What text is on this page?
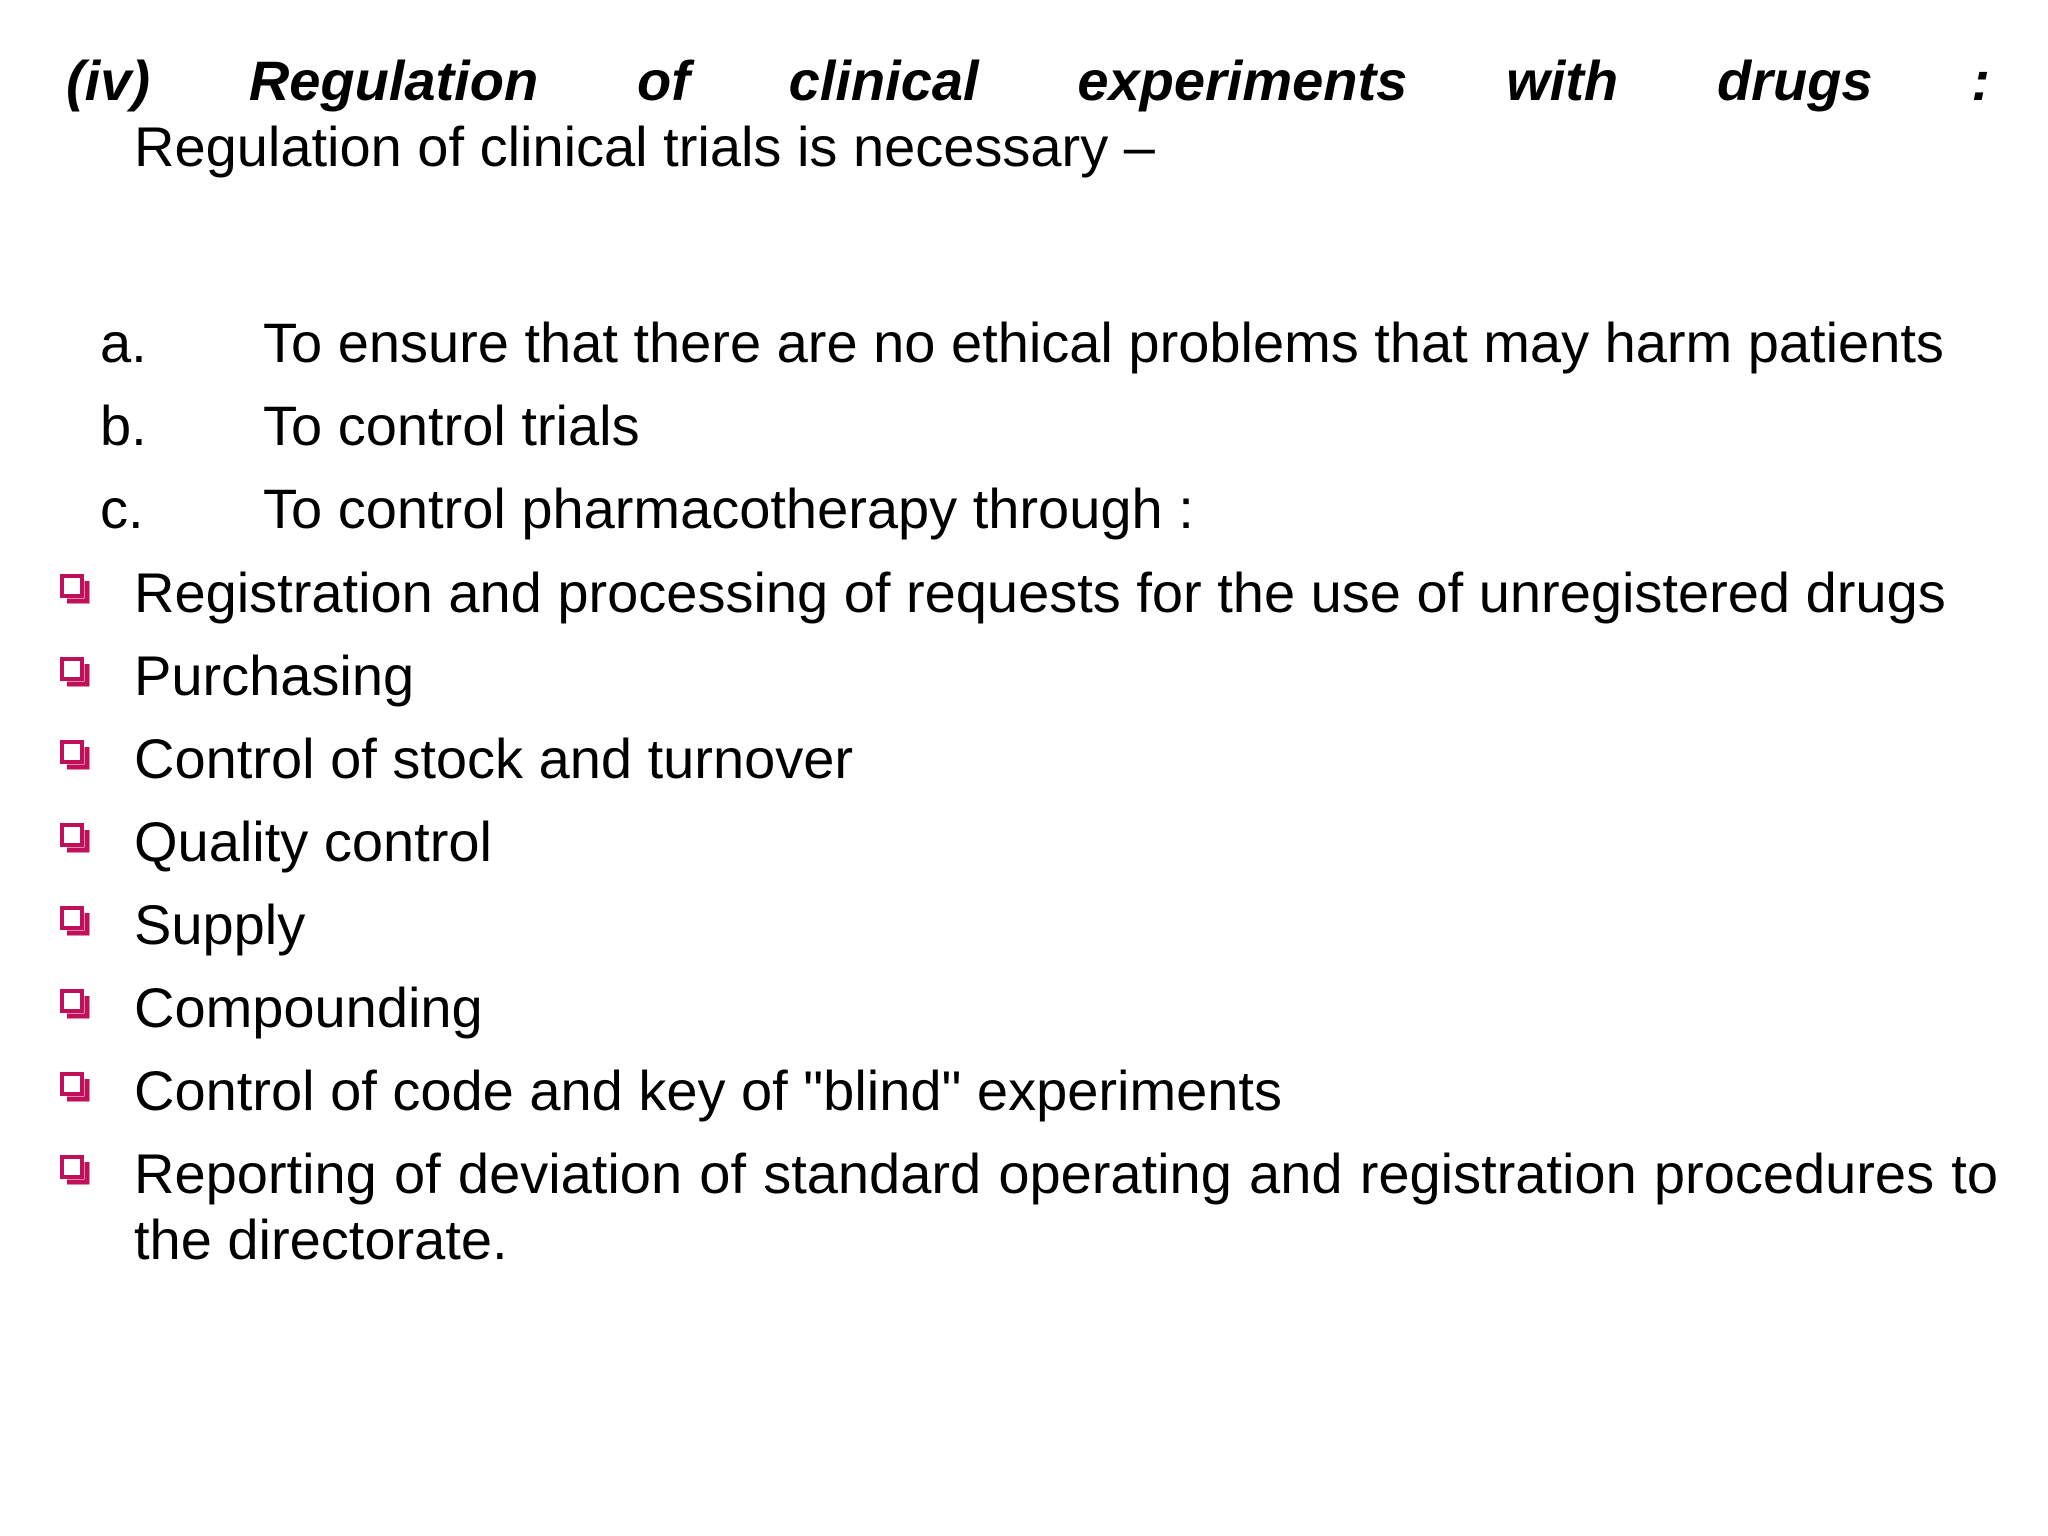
(iv) Regulation of clinical experiments with drugs :
Regulation of clinical trials is necessary –
a. To ensure that there are no ethical problems that may harm patients
b. To control trials
c. To control pharmacotherapy through :
Registration and processing of requests for the use of unregistered drugs
Purchasing
Control of stock and turnover
Quality control
Supply
Compounding
Control of code and key of "blind" experiments
Reporting of deviation of standard operating and registration procedures to the directorate.
